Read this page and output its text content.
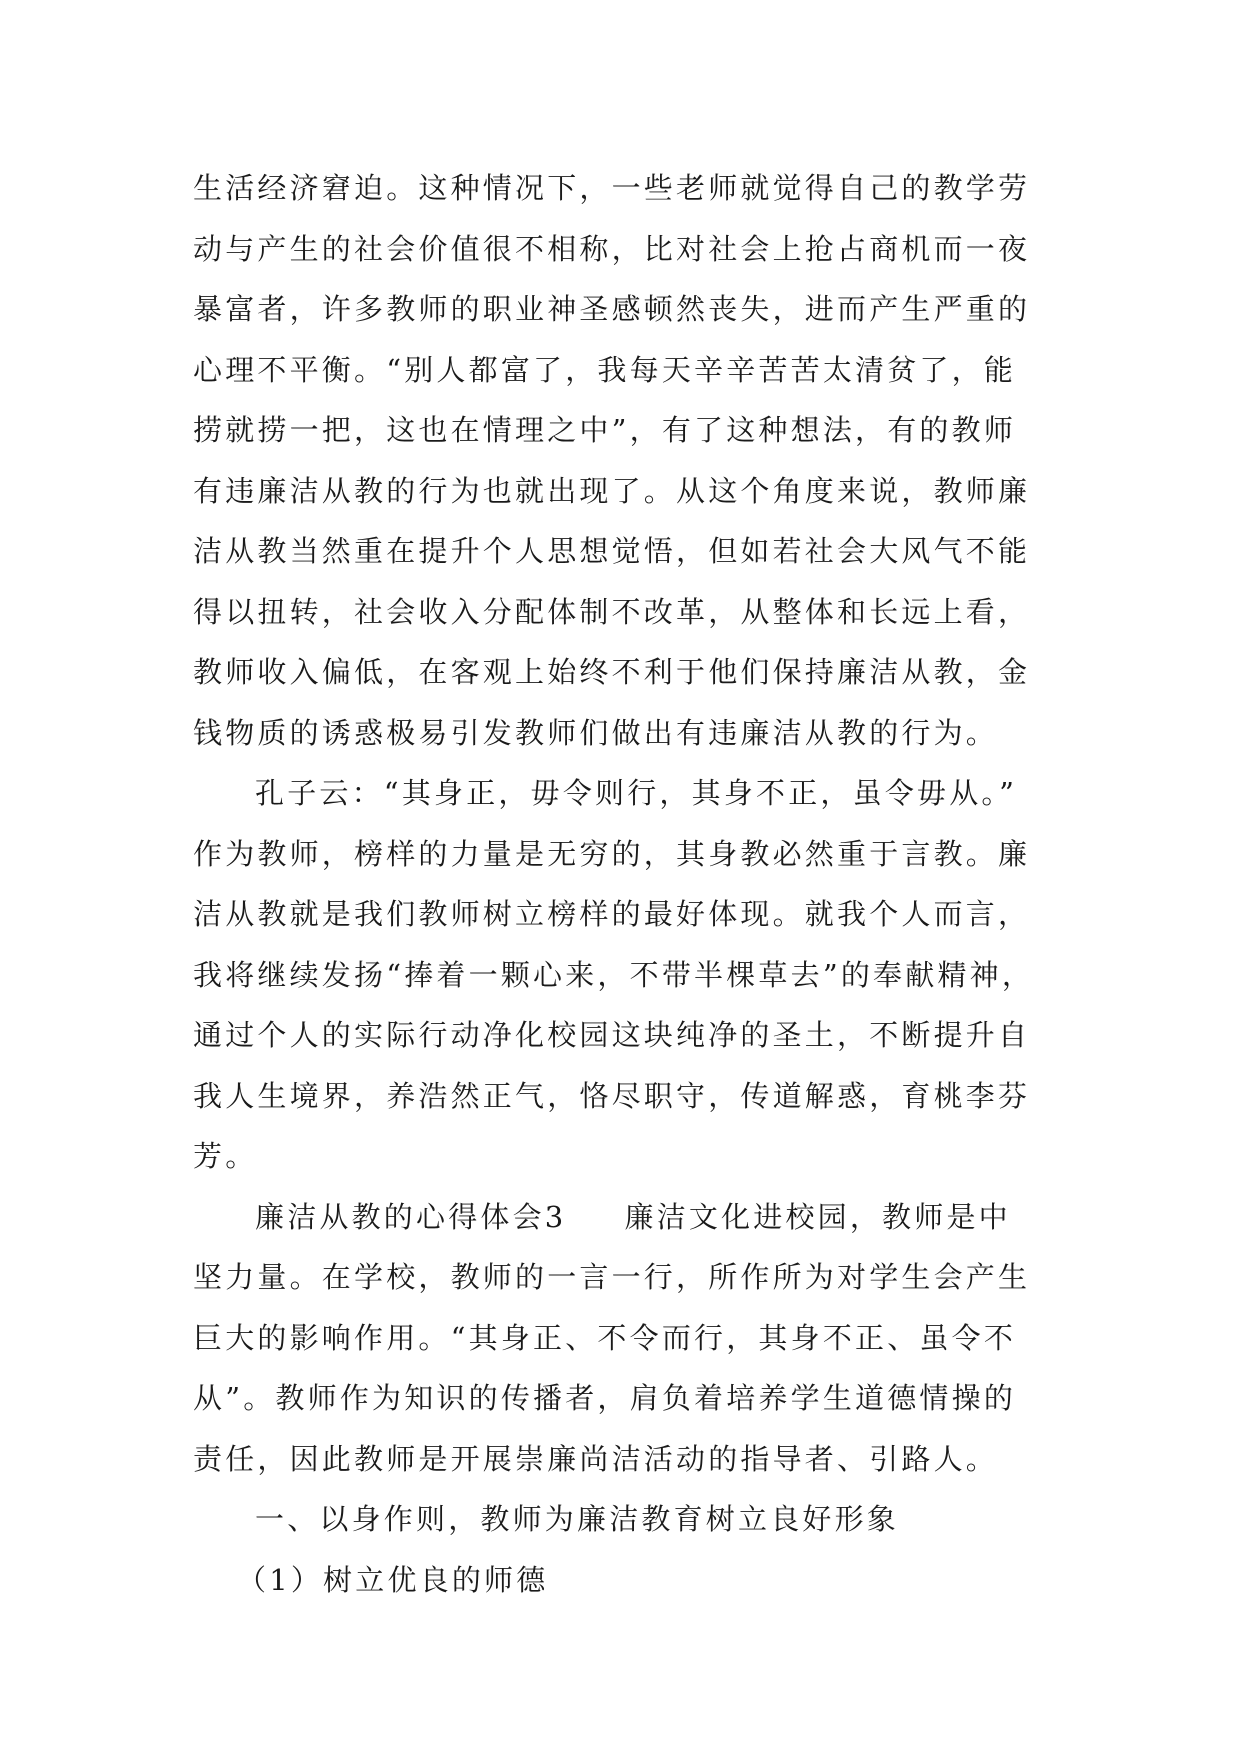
生活经济窘迫。这种情况下，一些老师就觉得自己的教学劳
动与产生的社会价值很不相称，比对社会上抢占商机而一夜
暴富者，许多教师的职业神圣感顿然丧失，进而产生严重的
心理不平衡。“别人都富了，我每天辛辛苦苦太清贫了，能
捞就捞一把，这也在情理之中”，有了这种想法，有的教师
有违廉洁从教的行为也就出现了。从这个角度来说，教师廉
洁从教当然重在提升个人思想觉悟，但如若社会大风气不能
得以扭转，社会收入分配体制不改革，从整体和长远上看，
教师收入偏低，在客观上始终不利于他们保持廉洁从教，金
钱物质的诱惑极易引发教师们做出有违廉洁从教的行为。
孔子云：“其身正，毋令则行，其身不正，虽令毋从。”
作为教师，榜样的力量是无穷的，其身教必然重于言教。廉
洁从教就是我们教师树立榜样的最好体现。就我个人而言，
我将继续发扬“捧着一颗心来，不带半棵草去”的奉献精神，
通过个人的实际行动净化校园这块纯净的圣土，不断提升自
我人生境界，养浩然正气，恪尽职守，传道解惑，育桃李芬
芳。
廉洁从教的心得体会3 廉洁文化进校园，教师是中
坚力量。在学校，教师的一言一行，所作所为对学生会产生
巨大的影响作用。“其身正、不令而行，其身不正、虽令不
从”。教师作为知识的传播者，肩负着培养学生道德情操的
责任，因此教师是开展崇廉尚洁活动的指导者、引路人。
一、以身作则，教师为廉洁教育树立良好形象
（1）树立优良的师德
